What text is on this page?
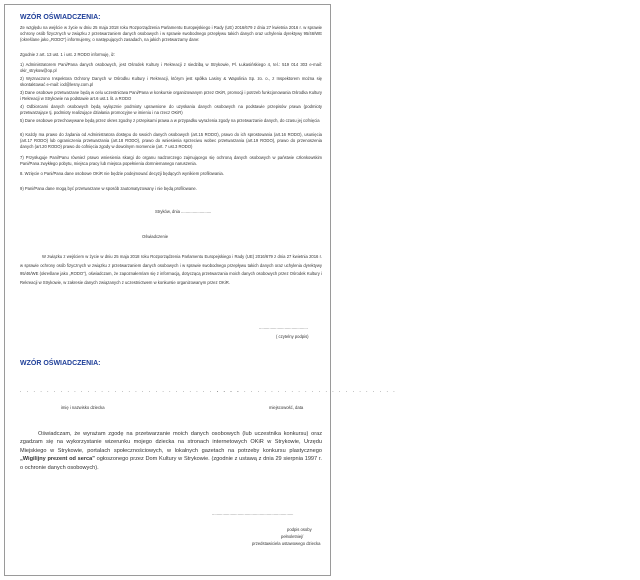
WZÓR OŚWIADCZENIA:
Ze względu na wejście w życie w dniu 25 maja 2018 roku Rozporządzenia Parlamentu Europejskiego i Rady (UE) 2016/679 z dnia 27 kwietnia 2016 r. w sprawie ochrony osób fizycznych w związku z przetwarzaniem danych osobowych i w sprawie swobodnego przepływu takich danych oraz uchylenia dyrektywy 95/46/WE (określane jako „RODO") informujemy, o następujących zasadach, na jakich przetwarzamy dane:
Zgodnie z art. 13 ust. 1 i ust. 2 RODO informuję, iż:
1) Administratorem Pani/Pana danych osobowych, jest Ośrodek Kultury i Rekreacji z siedzibą w Strykowie, Pl. Łukasińskiego 4, tel.: 519 014 303 e-mail: okir_strykow@op.pl
2) Wyznaczono Inspektora Ochrony Danych w Ośrodku Kultury i Rekreacji, którym jest spółka Lasiny & Wapolinia Sp. zo. o., z Inspektorem można się skontaktować e-mail: iod@lesny.com.pl
3) Dane osobowe przetwarzane będą w celu uczestnictwa Pani/Pana w konkursie organizowanym przez OKiR, promocji i potrzeb funkcjonowania Ośrodka Kultury i Rekreacji w Strykowie na podstawie art.6 ust.1 lit. a RODO
4) Odbiorcami danych osobowych będą wyłącznie podmioty uprawnione do uzyskania danych osobowych na podstawie przepisów prawa (podmioty przetwarzające tj. podmioty realizujące działania promocyjne w imieniu i na rzecz OKiR)
5) Dane osobowe przechowywane będą przez okres zgodny z przepisami prawa a w przypadku wyrażenia zgody na przetwarzanie danych, do czasu jej cofnięcia
6) Każdy ma prawo do żądania od Administratora dostępu do swoich danych osobowych (art.15 RODO), prawo do ich sprostowania (art.16 RODO), usunięcia (art.17 RODO) lub ograniczenia przetwarzania (art.18 RODO), prawo do wniesienia sprzeciwu wobec przetwarzania (art.19 RODO), prawo do przenoszenia danych (art.20 RODO) prawo do cofnięcia zgody w dowolnym momencie (art. 7 ust.3 RODO)
7) Przysługuje Pani/Panu również prawo wniesienia skargi do organu nadzorczego zajmującego się ochroną danych osobowych w państwie członkowskim Pani/Pana zwykłego pobytu, miejsca pracy lub miejsca popełnienia domniemanego naruszenia.
8. Wzięcie o Pani/Pana dane osobowe OKiR nie będzie podejmować decyzji będących wynikiem profilowania.
9) Pani/Pana dane mogą być przetwarzane w sposób zautomatyzowany i nie będą profilowane.
Stryków, dnia ..........................
Oświadczenie
W związku z wejściem w życie w dniu 25 maja 2018 roku Rozporządzenia Parlamentu Europejskiego i Rady (UE) 2016/679 z dnia 27 kwietnia 2016 r. w sprawie ochrony osób fizycznych w związku z przetwarzaniem danych osobowych i w sprawie swobodnego przepływu takich danych oraz uchylenia dyrektywy 95/46/WE (określane jako „RODO"), oświadczam, że zapoznałem/am się z informacją, dotyczącą przetwarzania moich danych osobowych przez Ośrodek Kultury i Rekreacji w Strykowie, w zakresie danych związanych z uczestnictwem w konkursie organizowanym przez OKiR.
..........................................
( czytelny podpis)
WZÓR OŚWIADCZENIA:
. . . . . . . . . . . . . . . . . . . . . . . . . . . . . . . . .
. . . . . . . . . . . . . . . . . . . . . . . . . . .
imię i nazwisko dziecka	miejscowość, data
Oświadczam, że wyrażam zgodę na przetwarzanie moich danych osobowych (lub uczestnika konkursu) oraz zgadzam się na wykorzystanie wizerunku mojego dziecka na stronach internetowych OKiR w Strykowie, Urzędu Miejskiego w Strykowie, portalach społecznościowych, w lokalnych gazetach na potrzeby konkursu plastycznego „Wigilijny prezent od serca" ogłoszonego przez Dom Kultury w Strykowie. (zgodnie z ustawą z dnia 29 sierpnia 1997 r. o ochronie danych osobowych).
......................................................................
podpis osoby
pełnoletniej/
przedstawiciela ustawowego dziecka
